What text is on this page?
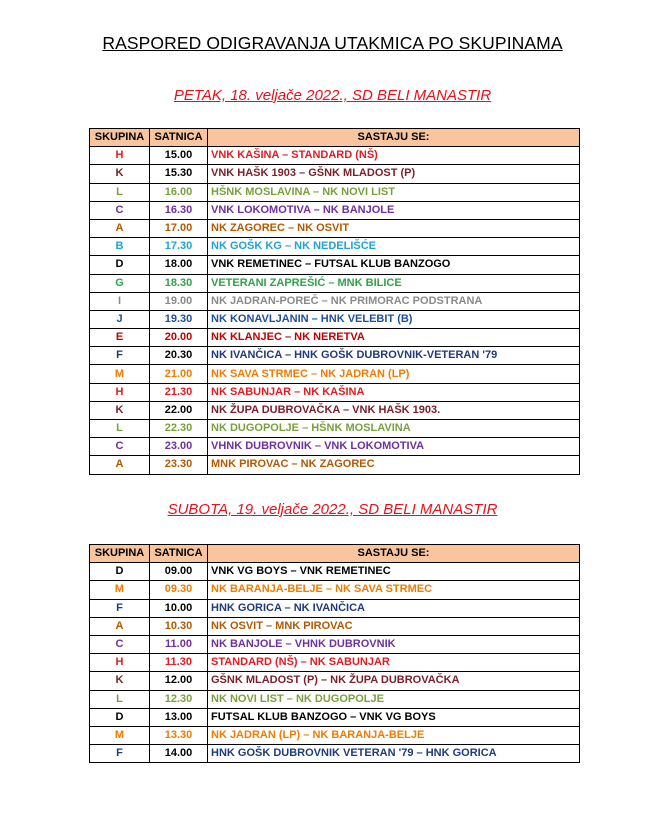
RASPORED ODIGRAVANJA UTAKMICA PO SKUPINAMA
PETAK, 18. veljače 2022., SD BELI MANASTIR
SKUPINA	SATNICA	SASTAJU SE:
H	15.00	VNK KAŠINA – STANDARD (NŠ)
K	15.30	VNK HAŠK 1903 – GŠNK MLADOST (P)
L	16.00	HŠNK MOSLAVINA – NK NOVI LIST
C	16.30	VNK LOKOMOTIVA – NK BANJOLE
A	17.00	NK ZAGOREC – NK OSVIT
B	17.30	NK GOŠK KG – NK NEDELIŠĆE
D	18.00	VNK REMETINEC – FUTSAL KLUB BANZOGO
G	18.30	VETERANI ZAPREŠIĆ – MNK BILICE
I	19.00	NK JADRAN-POREČ – NK PRIMORAC PODSTRANA
J	19.30	NK KONAVLJANIN – HNK VELEBIT (B)
E	20.00	NK KLANJEC – NK NERETVA
F	20.30	NK IVANČICA – HNK GOŠK DUBROVNIK-VETERAN '79
M	21.00	NK SAVA STRMEC – NK JADRAN (LP)
H	21.30	NK SABUNJAR – NK KAŠINA
K	22.00	NK ŽUPA DUBROVAČKA – VNK HAŠK 1903.
L	22.30	NK DUGOPOLJE – HŠNK MOSLAVINA
C	23.00	VHNK DUBROVNIK – VNK LOKOMOTIVA
A	23.30	MNK PIROVAC – NK ZAGOREC
SUBOTA, 19. veljače 2022., SD BELI MANASTIR
SKUPINA	SATNICA	SASTAJU SE:
D	09.00	VNK VG BOYS – VNK REMETINEC
M	09.30	NK BARANJA-BELJE – NK SAVA STRMEC
F	10.00	HNK GORICA – NK IVANČICA
A	10.30	NK OSVIT – MNK PIROVAC
C	11.00	NK BANJOLE – VHNK DUBROVNIK
H	11.30	STANDARD (NŠ) – NK SABUNJAR
K	12.00	GŠNK MLADOST (P) – NK ŽUPA DUBROVAČKA
L	12.30	NK NOVI LIST – NK DUGOPOLJE
D	13.00	FUTSAL KLUB BANZOGO – VNK VG BOYS
M	13.30	NK JADRAN (LP) – NK BARANJA-BELJE
F	14.00	HNK GOŠK DUBROVNIK VETERAN '79 – HNK GORICA
